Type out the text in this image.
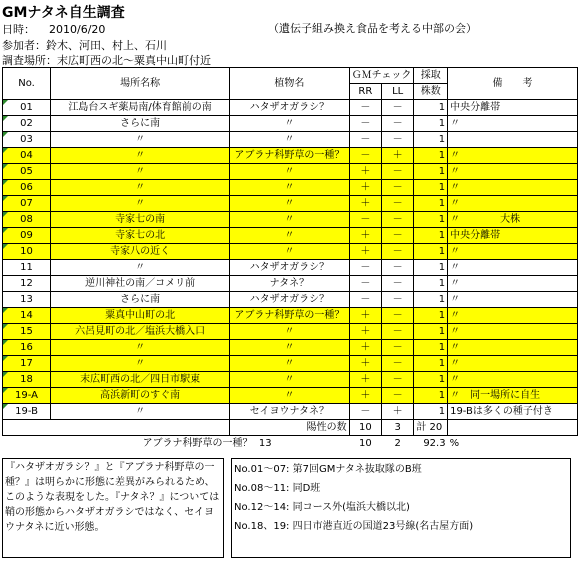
GMナタネ自生調査
日時： 2010/6/20	（遺伝子組み換え食品を考える中部の会）
参加者：鈴木、河田、村上、石川
調査場所：末広町西の北～粟真中山町付近
No.	場所名称	植物名	ＧＭチェック		採取	備　　考
			RR	LL	株数	
01	江島台スギ薬局南/体育館前の南	ハタザオガラシ？	－	－	1	中央分離帯
02	さらに南	〃	－	－	1	〃
03	〃	〃	－	－	1	
04	〃	アブラナ科野草の一種？	－	＋	1	〃
05	〃	〃	＋	－	1	〃
06	〃	〃	＋	－	1	〃
07	〃	〃	＋	－	1	〃
08	寺家七の南	〃	－	－	1	〃　　　　大株
09	寺家七の北	〃	＋	－	1	中央分離帯
10	寺家八の近く	〃	＋	－	1	〃
11	〃	ハタザオガラシ？	－	－	1	〃
12	逆川神社の南／コメリ前	ナタネ？	－	－	1	〃
13	さらに南	ハタザオガラシ？	－	－	1	〃
14	粟真中山町の北	アブラナ科野草の一種？	＋	－	1	〃
15	六呂見町の北／塩浜大橋入口	〃	＋	－	1	〃
16	〃	〃	＋	－	1	〃
17	〃	〃	＋	－	1	〃
18	末広町西の北／四日市駅東	〃	＋	－	1	〃
19-A	高浜新町のすぐ南	〃	＋	－	1	〃　同一場所に自生
19-B	〃	セイヨウナタネ？	－	＋	1	19-Bは多くの種子付き
		陽性の数	10	3	計 20	
	アブラナ科野草の一種？ 13		10	2	92.3	%
『ハタザオガラシ？』と『アブラナ科野草の一種？』は明らかに形態に差異がみられるため、このような表現をした。『ナタネ？』については鞘の形態からハタザオガラシではなく、セイヨウナタネに近い形態。
No.01～07: 第7回GMナタネ抜取隊のB班
No.08～11: 同D班
No.12～14: 同コース外(塩浜大橋以北)
No.18、19: 四日市港直近の国道23号線(名古屋方面)
